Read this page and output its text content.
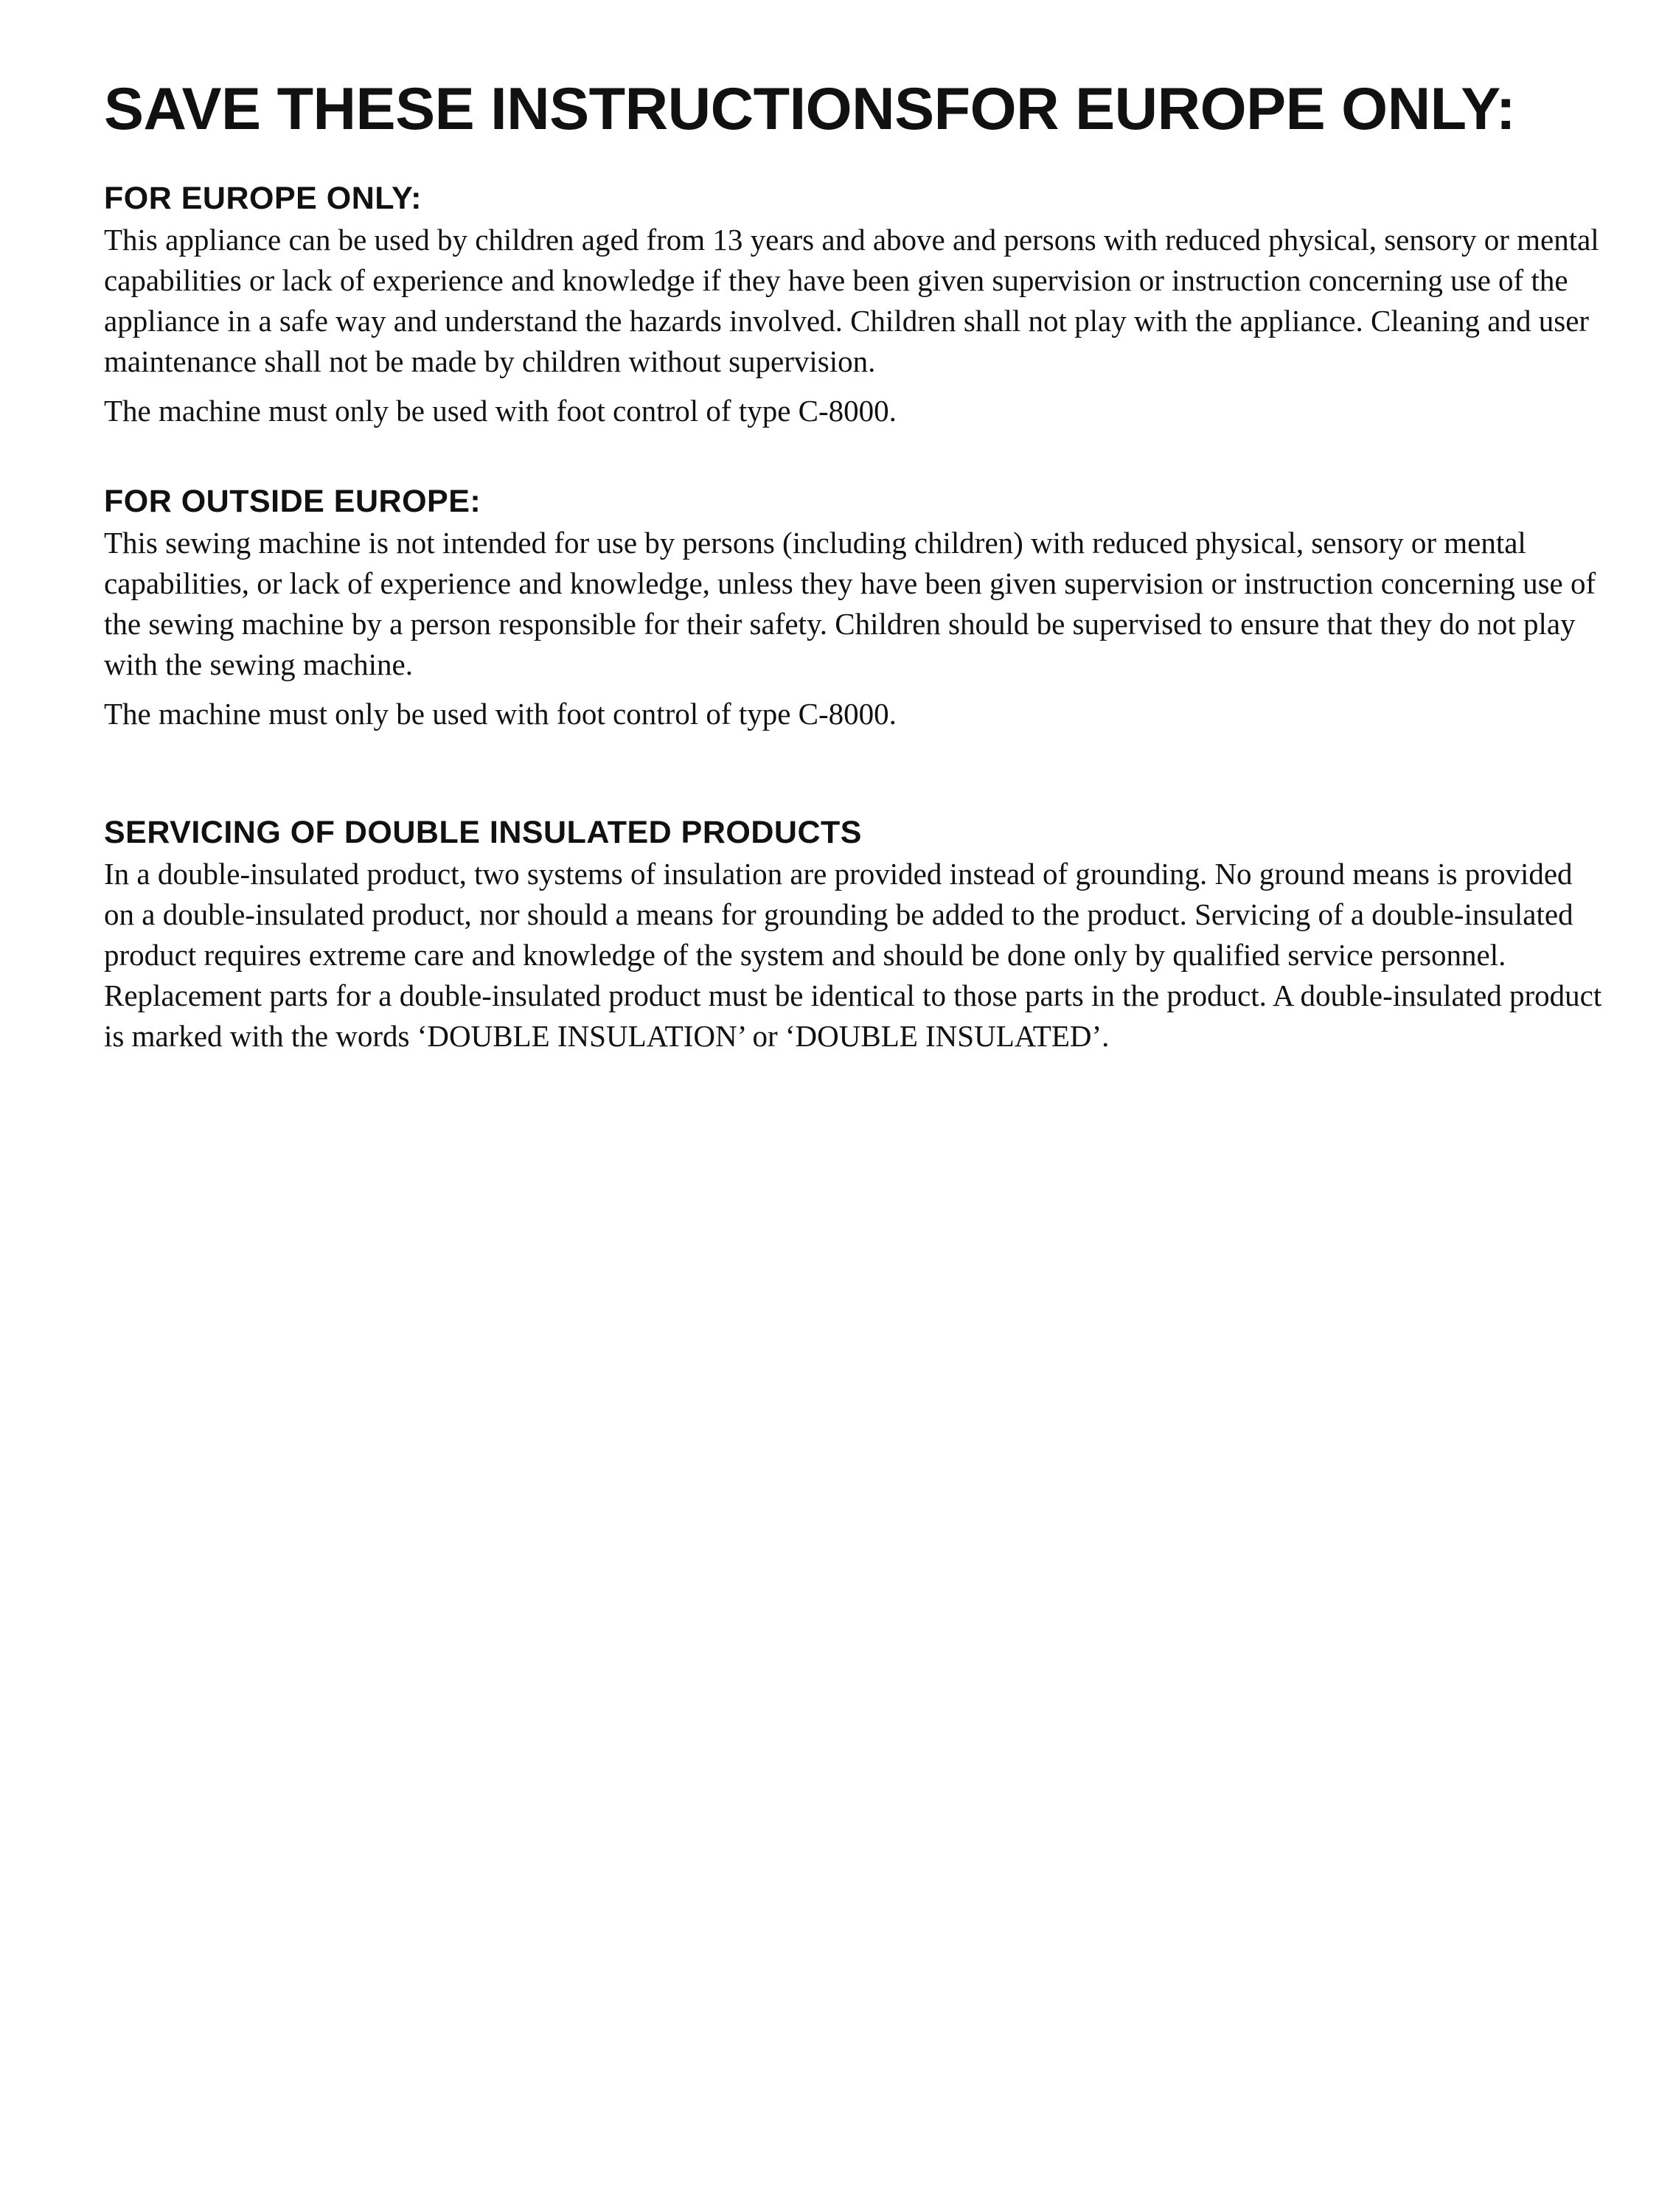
SAVE THESE INSTRUCTIONSFOR EUROPE ONLY:
FOR EUROPE ONLY:

This appliance can be used by children aged from 13 years and above and persons with reduced physical, sensory or mental capabilities or lack of experience and knowledge if they have been given supervision or instruction concerning use of the appliance in a safe way and understand the hazards involved. Children shall not play with the appliance. Cleaning and user maintenance shall not be made by children without supervision.

The machine must only be used with foot control of type C-8000.

FOR OUTSIDE EUROPE:

This sewing machine is not intended for use by persons (including children) with reduced physical, sensory or mental capabilities, or lack of experience and knowledge, unless they have been given supervision or instruction concerning use of the sewing machine by a person responsible for their safety. Children should be supervised to ensure that they do not play with the sewing machine.

The machine must only be used with foot control of type C-8000.

SERVICING OF DOUBLE INSULATED PRODUCTS

In a double-insulated product, two systems of insulation are provided instead of grounding. No ground means is provided on a double-insulated product, nor should a means for grounding be added to the product. Servicing of a double-insulated product requires extreme care and knowledge of the system and should be done only by qualified service personnel. Replacement parts for a double-insulated product must be identical to those parts in the product. A double-insulated product is marked with the words ‘DOUBLE INSULATION’ or ‘DOUBLE INSULATED’.
